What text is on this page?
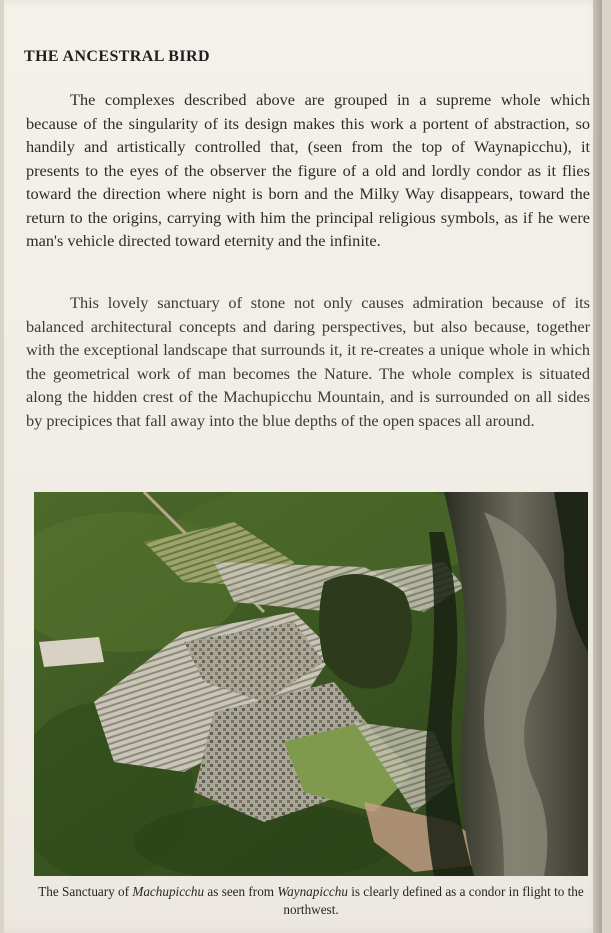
THE ANCESTRAL BIRD

The complexes described above are grouped in a supreme whole which because of the singularity of its design makes this work a portent of abstraction, so handily and artistically controlled that, (seen from the top of Waynapicchu), it presents to the eyes of the observer the figure of a old and lordly condor as it flies toward the direction where night is born and the Milky Way disappears, toward the return to the origins, carrying with him the principal religious symbols, as if he were man's vehicle directed toward eternity and the infinite.

This lovely sanctuary of stone not only causes admiration because of its balanced architectural concepts and daring perspectives, but also because, together with the exceptional landscape that surrounds it, it re-creates a unique whole in which the geometrical work of man becomes the Nature. The whole complex is situated along the hidden crest of the Machupicchu Mountain, and is surrounded on all sides by precipices that fall away into the blue depths of the open spaces all around.

The Sanctuary of Machupicchu as seen from Waynapicchu is clearly defined as a condor in flight to the northwest.
